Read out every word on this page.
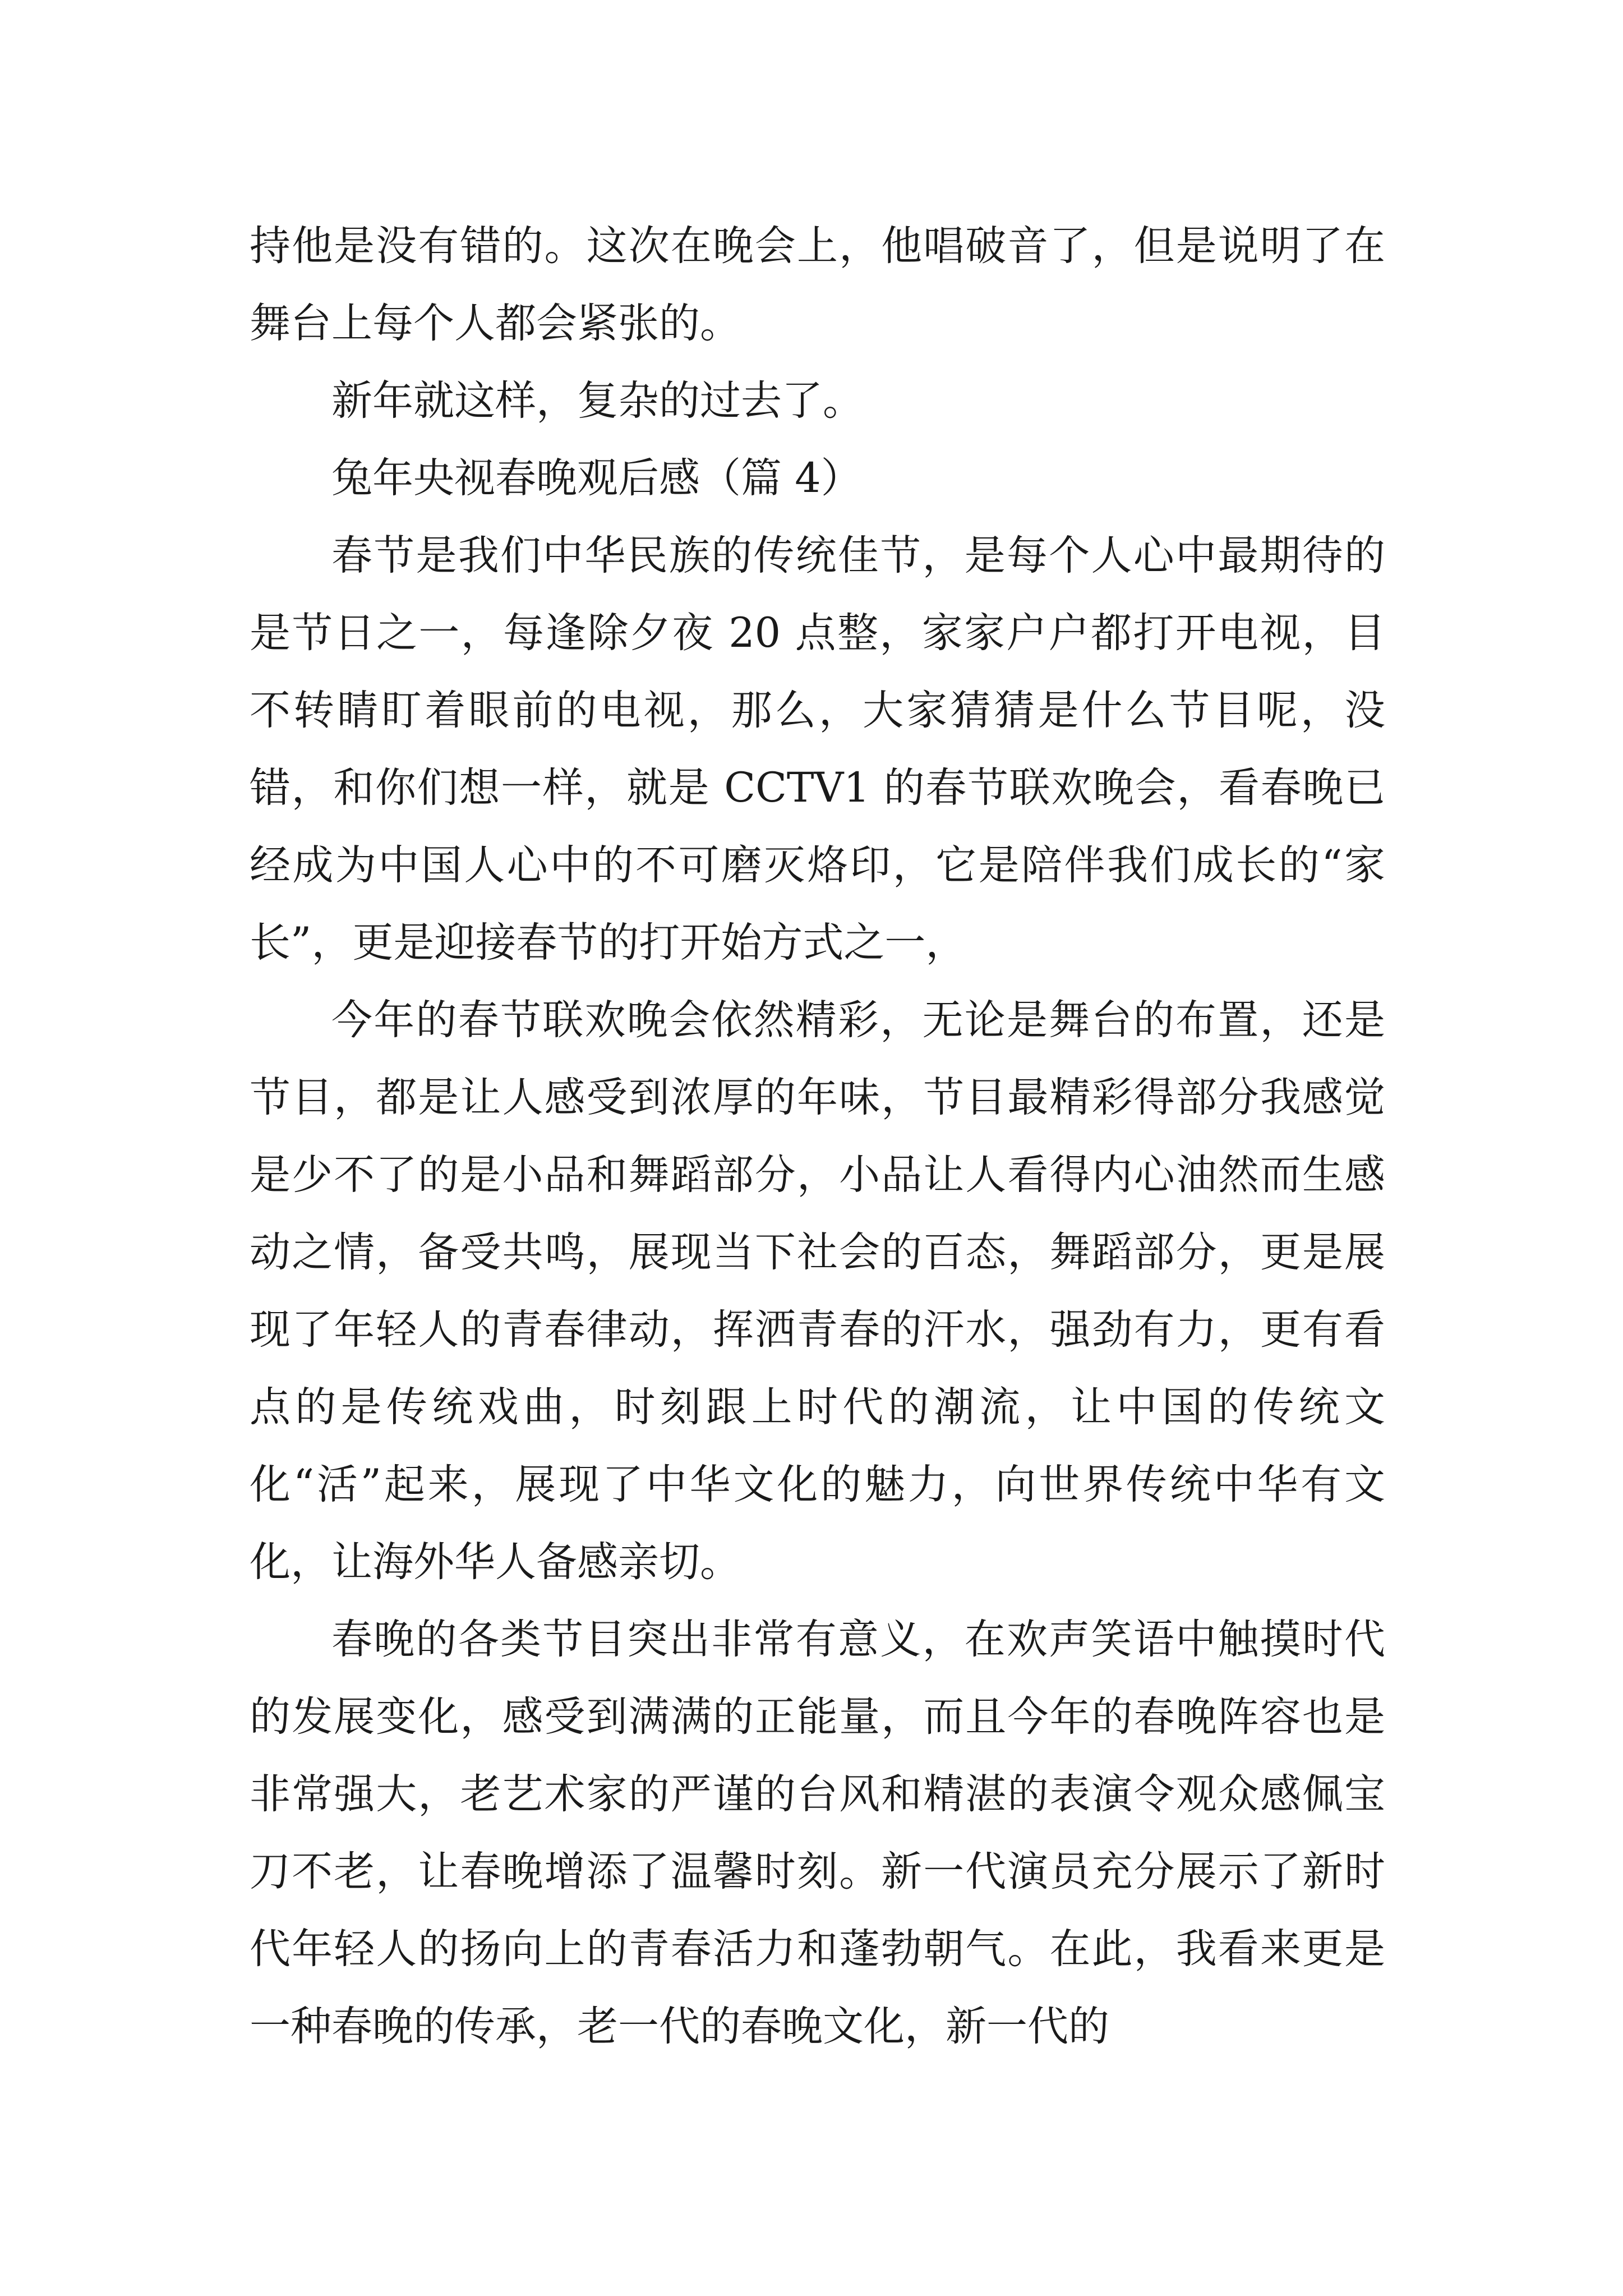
持他是没有错的。这次在晚会上，他唱破音了，但是说明了在舞台上每个人都会紧张的。

新年就这样，复杂的过去了。

兔年央视春晚观后感（篇 4）

春节是我们中华民族的传统佳节，是每个人心中最期待的是节日之一，每逢除夕夜 20 点整，家家户户都打开电视，目不转睛盯着眼前的电视，那么，大家猜猜是什么节目呢，没错，和你们想一样，就是 CCTV1 的春节联欢晚会，看春晚已经成为中国人心中的不可磨灭烙印，它是陪伴我们成长的“家长”，更是迎接春节的打开始方式之一，

今年的春节联欢晚会依然精彩，无论是舞台的布置，还是节目，都是让人感受到浓厚的年味，节目最精彩得部分我感觉是少不了的是小品和舞蹈部分，小品让人看得内心油然而生感动之情，备受共鸣，展现当下社会的百态，舞蹈部分，更是展现了年轻人的青春律动，挥洒青春的汗水，强劲有力，更有看点的是传统戏曲，时刻跟上时代的潮流，让中国的传统文化“活”起来，展现了中华文化的魅力，向世界传统中华有文化，让海外华人备感亲切。

春晚的各类节目突出非常有意义，在欢声笑语中触摸时代的发展变化，感受到满满的正能量，而且今年的春晚阵容也是非常强大，老艺术家的严谨的台风和精湛的表演令观众感佩宝刀不老，让春晚增添了温馨时刻。新一代演员充分展示了新时代年轻人的扬向上的青春活力和蓬勃朝气。在此，我看来更是一种春晚的传承，老一代的春晚文化，新一代的
